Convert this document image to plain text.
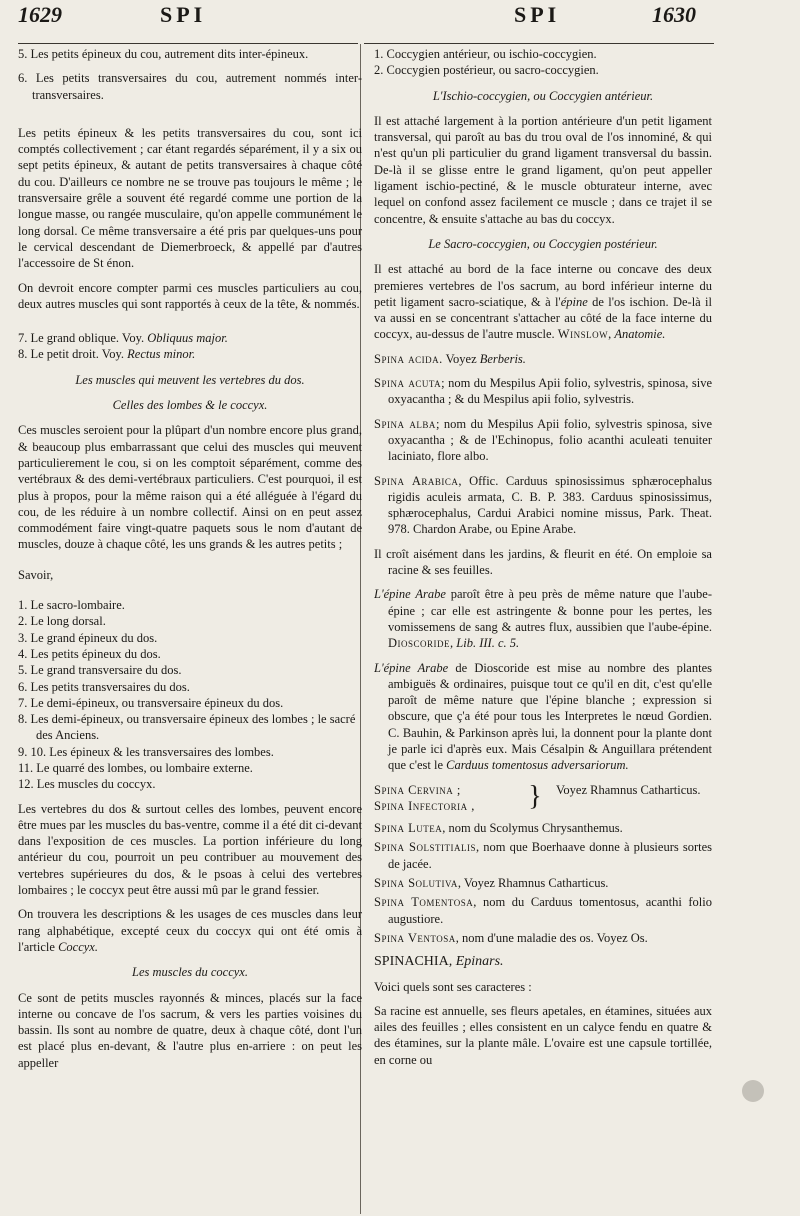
1629	SPI	SPI	1630

5. Les petits épineux du cou, autrement dits inter-épineux.

6. Les petits transversaires du cou, autrement nommés inter-transversaires.

Les petits épineux & les petits transversaires du cou, sont ici comptés collectivement ; car étant regardés séparément, il y a six ou sept petits épineux, & autant de petits transversaires à chaque côté du cou. D'ailleurs ce nombre ne se trouve pas toujours le même ; le transversaire grêle a souvent été regardé comme une portion de la longue masse, ou rangée musculaire, qu'on appelle communément le long dorsal. Ce même transversaire a été pris par quelques-uns pour le cervical descendant de Diemerbroeck, & appellé par d'autres l'accessoire de St énon.

On devroit encore compter parmi ces muscles particuliers au cou, deux autres muscles qui sont rapportés à ceux de la tête, & nommés.

7. Le grand oblique. Voy. Obliquus major.
8. Le petit droit. Voy. Rectus minor.
Les muscles qui meuvent les vertebres du dos.
Celles des lombes & le coccyx.

Ces muscles seroient pour la plûpart d'un nombre encore plus grand, & beaucoup plus embarrassant que celui des muscles qui meuvent particulierement le cou, si on les comptoit séparément, comme des vertébraux & des demi-vertébraux particuliers. C'est pourquoi, il est plus à propos, pour la même raison qui a été alléguée à l'égard du cou, de les réduire à un nombre collectif. Ainsi on en peut assez commodément faire vingt-quatre paquets sous le nom d'autant de muscles, douze à chaque côté, les uns grands & les autres petits ;

Savoir,

1. Le sacro-lombaire.
2. Le long dorsal.
3. Le grand épineux du dos.
4. Les petits épineux du dos.
5. Le grand transversaire du dos.
6. Les petits transversaires du dos.
7. Le demi-épineux, ou transversaire épineux du dos.
8. Les demi-épineux, ou transversaire épineux des lombes ; le sacré des Anciens.
9. 10. Les épineux & les transversaires des lombes.
11. Le quarré des lombes, ou lombaire externe.
12. Les muscles du coccyx.

Les vertebres du dos & surtout celles des lombes, peuvent encore être mues par les muscles du bas-ventre, comme il a été dit ci-devant dans l'exposition de ces muscles. La portion inférieure du long antérieur du cou, pourroit un peu contribuer au mouvement des vertebres supérieures du dos, & le psoas à celui des vertebres lombaires ; le coccyx peut être aussi mû par le grand fessier.

On trouvera les descriptions & les usages de ces muscles dans leur rang alphabétique, excepté ceux du coccyx qui ont été omis à l'article Coccyx.

Les muscles du coccyx.

Ce sont de petits muscles rayonnés & minces, placés sur la face interne ou concave de l'os sacrum, & vers les parties voisines du bassin. Ils sont au nombre de quatre, deux à chaque côté, dont l'un est placé plus en-devant, & l'autre plus en-arriere : on peut les appeller

1. Coccygien antérieur, ou ischio-coccygien.
2. Coccygien postérieur, ou sacro-coccygien.
L'Ischio-coccygien, ou Coccygien antérieur.

Il est attaché largement à la portion antérieure d'un petit ligament transversal, qui paroît au bas du trou oval de l'os innominé, & qui n'est qu'un pli particulier du grand ligament transversal du bassin. De-là il se glisse entre le grand ligament, qu'on peut appeller ligament ischio-pectiné, & le muscle obturateur interne, avec lequel on confond assez facilement ce muscle ; dans ce trajet il se concentre, & ensuite s'attache au bas du coccyx.

Le Sacro-coccygien, ou Coccygien postérieur.

Il est attaché au bord de la face interne ou concave des deux premieres vertebres de l'os sacrum, au bord inférieur interne du petit ligament sacro-sciatique, & à l'épine de l'os ischion. De-là il va aussi en se concentrant s'attacher au côté de la face interne du coccyx, au-dessus de l'autre muscle. Winslow, Anatomie.

Spina acida. Voyez Berberis.
Spina acuta; nom du Mespilus Apii folio, sylvestris, spinosa, sive oxyacantha ; & du Mespilus apii folio, sylvestris.
Spina alba; nom du Mespilus Apii folio, sylvestris spinosa, sive oxyacantha ; & de l'Echinopus, folio acanthi aculeati tenuiter laciniato, flore albo.
Spina Arabica, Offic. Carduus spinosissimus sphærocephalus rigidis aculeis armata, C. B. P. 383. Carduus spinosissimus, sphærocephalus, Cardui Arabici nomine missus, Park. Theat. 978. Chardon Arabe, ou Epine Arabe.

Il croît aisément dans les jardins, & fleurit en été. On emploie sa racine & ses feuilles.

L'épine Arabe paroît être à peu près de même nature que l'aube-épine ; car elle est astringente & bonne pour les pertes, les vomissemens de sang & autres flux, aussibien que l'aube-épine. Dioscoride, Lib. III. c. 5.

L'épine Arabe de Dioscoride est mise au nombre des plantes ambiguës & ordinaires, puisque tout ce qu'il en dit, c'est qu'elle paroît de même nature que l'épine blanche ; expression si obscure, que ç'a été pour tous les Interpretes le nœud Gordien. C. Bauhin, & Parkinson après lui, la donnent pour la plante dont je parle ici d'après eux. Mais Césalpin & Anguillara prétendent que c'est le Carduus tomentosus adversariorum.

Spina Cervina ;
Spina Infectoria ,	}	Voyez Rhamnus Catharticus.
Spina Lutea, nom du Scolymus Chrysanthemus.
Spina Solstitialis, nom que Boerhaave donne à plusieurs sortes de jacée.
Spina Solutiva, Voyez Rhamnus Catharticus.
Spina Tomentosa, nom du Carduus tomentosus, acanthi folio augustiore.
Spina Ventosa, nom d'une maladie des os. Voyez Os.
SPINACHIA, Epinars.

Voici quels sont ses caracteres :

Sa racine est annuelle, ses fleurs apetales, en étamines, situées aux ailes des feuilles ; elles consistent en un calyce fendu en quatre & des étamines, sur la plante mâle. L'ovaire est une capsule tortillée, en corne ou
